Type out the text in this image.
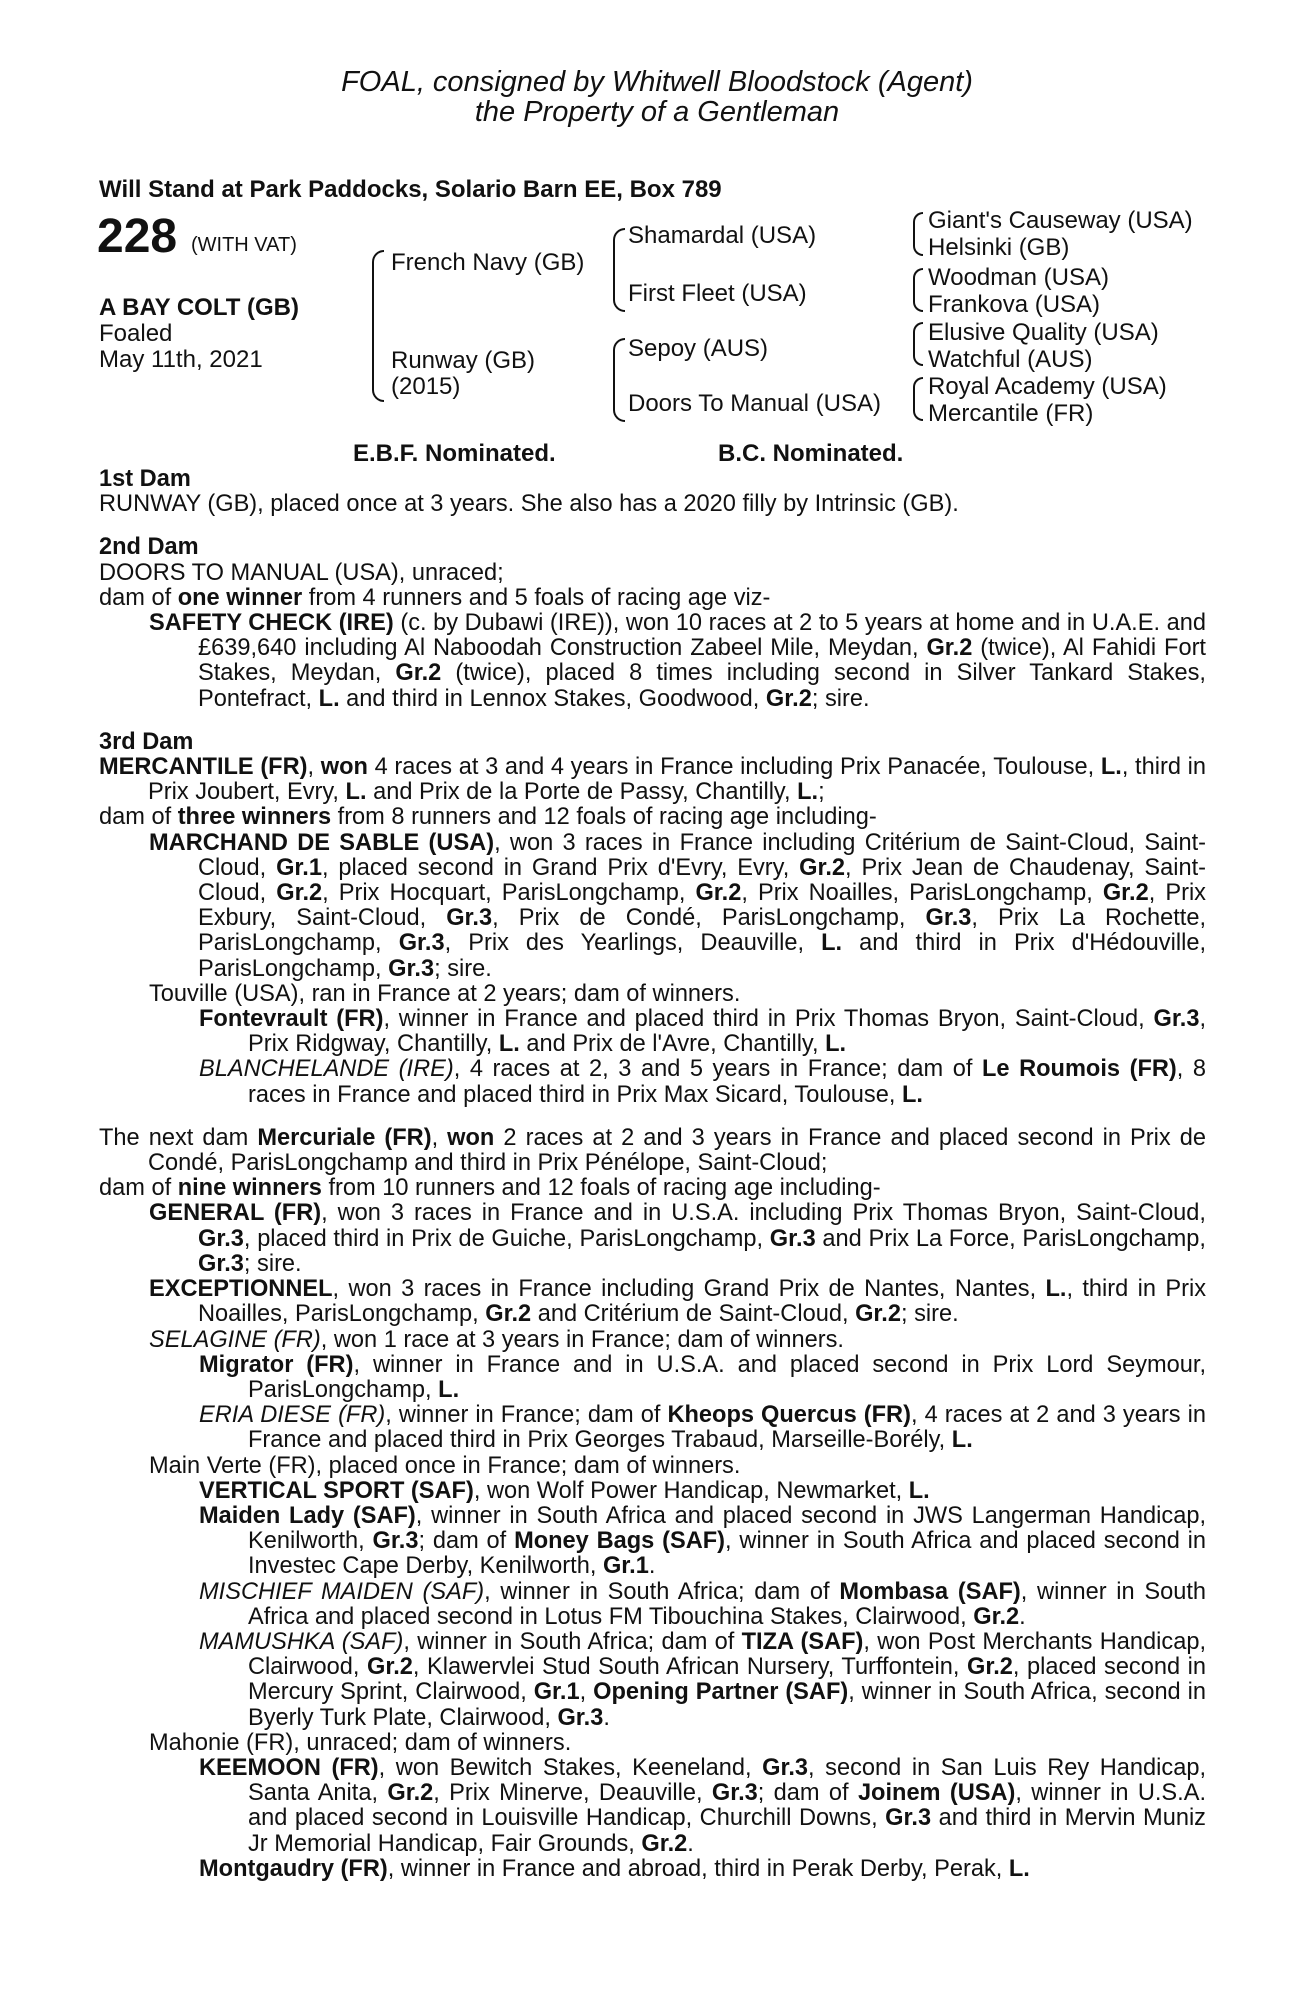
FOAL, consigned by Whitwell Bloodstock (Agent)
the Property of a Gentleman
Will Stand at Park Paddocks, Solario Barn EE, Box 789
228 (WITH VAT)
A BAY COLT (GB)
Foaled
May 11th, 2021
French Navy (GB)
Runway (GB)
(2015)
Shamardal (USA)
First Fleet (USA)
Sepoy (AUS)
Doors To Manual (USA)
Giant's Causeway (USA)
Helsinki (GB)
Woodman (USA)
Frankova (USA)
Elusive Quality (USA)
Watchful (AUS)
Royal Academy (USA)
Mercantile (FR)
E.B.F. Nominated.	B.C. Nominated.

1st Dam

RUNWAY (GB), placed once at 3 years. She also has a 2020 filly by Intrinsic (GB).

2nd Dam

DOORS TO MANUAL (USA), unraced;

dam of one winner from 4 runners and 5 foals of racing age viz-

SAFETY CHECK (IRE) (c. by Dubawi (IRE)), won 10 races at 2 to 5 years at home and in U.A.E. and £639,640 including Al Naboodah Construction Zabeel Mile, Meydan, Gr.2 (twice), Al Fahidi Fort Stakes, Meydan, Gr.2 (twice), placed 8 times including second in Silver Tankard Stakes, Pontefract, L. and third in Lennox Stakes, Goodwood, Gr.2; sire.

3rd Dam

MERCANTILE (FR), won 4 races at 3 and 4 years in France including Prix Panacée, Toulouse, L., third in Prix Joubert, Evry, L. and Prix de la Porte de Passy, Chantilly, L.;

dam of three winners from 8 runners and 12 foals of racing age including-

MARCHAND DE SABLE (USA), won 3 races in France including Critérium de Saint-Cloud, Saint-Cloud, Gr.1, placed second in Grand Prix d'Evry, Evry, Gr.2, Prix Jean de Chaudenay, Saint-Cloud, Gr.2, Prix Hocquart, ParisLongchamp, Gr.2, Prix Noailles, ParisLongchamp, Gr.2, Prix Exbury, Saint-Cloud, Gr.3, Prix de Condé, ParisLongchamp, Gr.3, Prix La Rochette, ParisLongchamp, Gr.3, Prix des Yearlings, Deauville, L. and third in Prix d'Hédouville, ParisLongchamp, Gr.3; sire.

Touville (USA), ran in France at 2 years; dam of winners.

Fontevrault (FR), winner in France and placed third in Prix Thomas Bryon, Saint-Cloud, Gr.3, Prix Ridgway, Chantilly, L. and Prix de l'Avre, Chantilly, L.

BLANCHELANDE (IRE), 4 races at 2, 3 and 5 years in France; dam of Le Roumois (FR), 8 races in France and placed third in Prix Max Sicard, Toulouse, L.

The next dam Mercuriale (FR), won 2 races at 2 and 3 years in France and placed second in Prix de Condé, ParisLongchamp and third in Prix Pénélope, Saint-Cloud;

dam of nine winners from 10 runners and 12 foals of racing age including-

GENERAL (FR), won 3 races in France and in U.S.A. including Prix Thomas Bryon, Saint-Cloud, Gr.3, placed third in Prix de Guiche, ParisLongchamp, Gr.3 and Prix La Force, ParisLongchamp, Gr.3; sire.

EXCEPTIONNEL, won 3 races in France including Grand Prix de Nantes, Nantes, L., third in Prix Noailles, ParisLongchamp, Gr.2 and Critérium de Saint-Cloud, Gr.2; sire.

SELAGINE (FR), won 1 race at 3 years in France; dam of winners.

Migrator (FR), winner in France and in U.S.A. and placed second in Prix Lord Seymour, ParisLongchamp, L.

ERIA DIESE (FR), winner in France; dam of Kheops Quercus (FR), 4 races at 2 and 3 years in France and placed third in Prix Georges Trabaud, Marseille-Borély, L.

Main Verte (FR), placed once in France; dam of winners.

VERTICAL SPORT (SAF), won Wolf Power Handicap, Newmarket, L.

Maiden Lady (SAF), winner in South Africa and placed second in JWS Langerman Handicap, Kenilworth, Gr.3; dam of Money Bags (SAF), winner in South Africa and placed second in Investec Cape Derby, Kenilworth, Gr.1.

MISCHIEF MAIDEN (SAF), winner in South Africa; dam of Mombasa (SAF), winner in South Africa and placed second in Lotus FM Tibouchina Stakes, Clairwood, Gr.2.

MAMUSHKA (SAF), winner in South Africa; dam of TIZA (SAF), won Post Merchants Handicap, Clairwood, Gr.2, Klawervlei Stud South African Nursery, Turffontein, Gr.2, placed second in Mercury Sprint, Clairwood, Gr.1, Opening Partner (SAF), winner in South Africa, second in Byerly Turk Plate, Clairwood, Gr.3.

Mahonie (FR), unraced; dam of winners.

KEEMOON (FR), won Bewitch Stakes, Keeneland, Gr.3, second in San Luis Rey Handicap, Santa Anita, Gr.2, Prix Minerve, Deauville, Gr.3; dam of Joinem (USA), winner in U.S.A. and placed second in Louisville Handicap, Churchill Downs, Gr.3 and third in Mervin Muniz Jr Memorial Handicap, Fair Grounds, Gr.2.

Montgaudry (FR), winner in France and abroad, third in Perak Derby, Perak, L.
